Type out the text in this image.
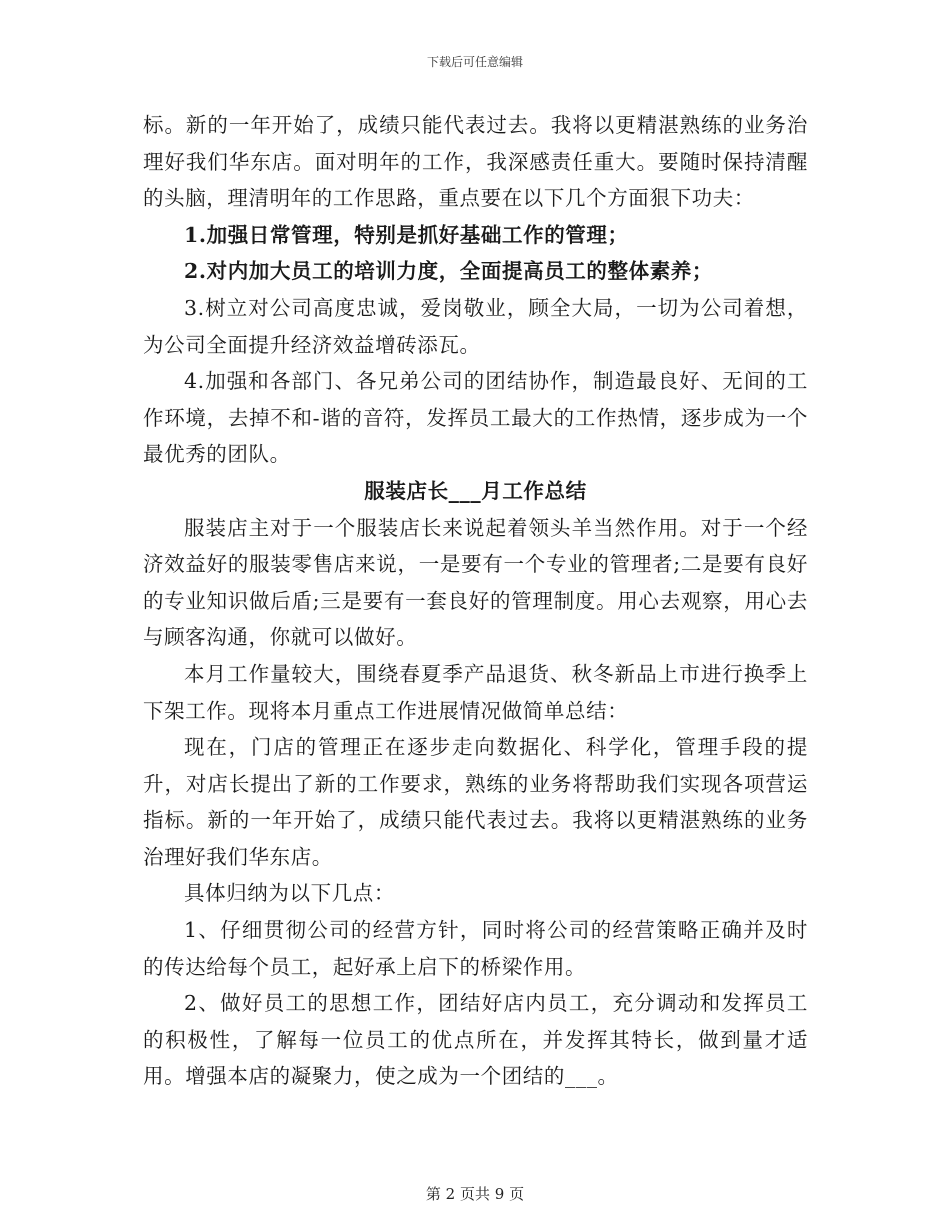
下载后可任意编辑

标。新的一年开始了，成绩只能代表过去。我将以更精湛熟练的业务治理好我们华东店。面对明年的工作，我深感责任重大。要随时保持清醒的头脑，理清明年的工作思路，重点要在以下几个方面狠下功夫：

1.加强日常管理，特别是抓好基础工作的管理；

2.对内加大员工的培训力度，全面提高员工的整体素养；

3.树立对公司高度忠诚，爱岗敬业，顾全大局，一切为公司着想，为公司全面提升经济效益增砖添瓦。

4.加强和各部门、各兄弟公司的团结协作，制造最良好、无间的工作环境，去掉不和-谐的音符，发挥员工最大的工作热情，逐步成为一个最优秀的团队。

服装店长___月工作总结

服装店主对于一个服装店长来说起着领头羊当然作用。对于一个经济效益好的服装零售店来说，一是要有一个专业的管理者;二是要有良好的专业知识做后盾;三是要有一套良好的管理制度。用心去观察，用心去与顾客沟通，你就可以做好。

本月工作量较大，围绕春夏季产品退货、秋冬新品上市进行换季上下架工作。现将本月重点工作进展情况做简单总结：

现在，门店的管理正在逐步走向数据化、科学化，管理手段的提升，对店长提出了新的工作要求，熟练的业务将帮助我们实现各项营运指标。新的一年开始了，成绩只能代表过去。我将以更精湛熟练的业务治理好我们华东店。

具体归纳为以下几点：

1、仔细贯彻公司的经营方针，同时将公司的经营策略正确并及时的传达给每个员工，起好承上启下的桥梁作用。

2、做好员工的思想工作，团结好店内员工，充分调动和发挥员工的积极性，了解每一位员工的优点所在，并发挥其特长，做到量才适用。增强本店的凝聚力，使之成为一个团结的___。

第 2 页共 9 页
